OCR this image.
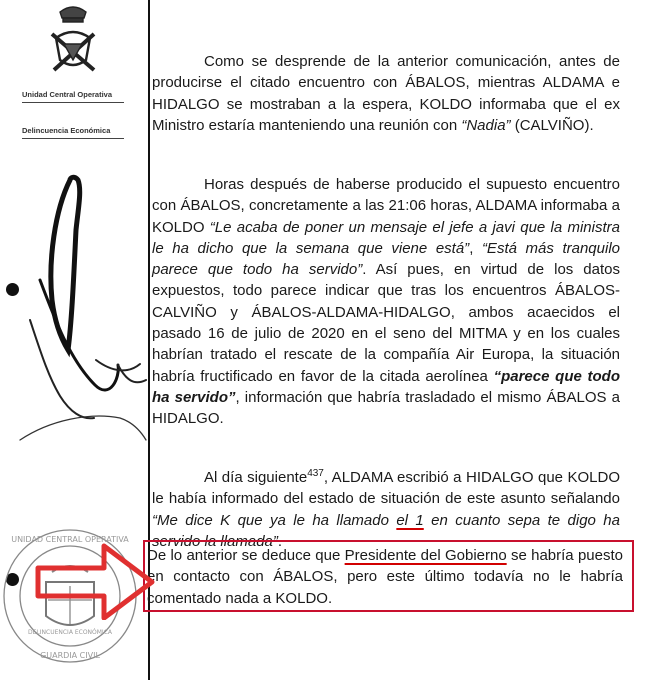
Unidad Central Operativa
Delincuencia Económica
UNIDAD CENTRAL OPERATIVA
GUARDIA CIVIL
DELINCUENCIA ECONÓMICA

Como se desprende de la anterior comunicación, antes de producirse el citado encuentro con ÁBALOS, mientras ALDAMA e HIDALGO se mostraban a la espera, KOLDO informaba que el ex Ministro estaría manteniendo una reunión con “Nadia” (CALVIÑO).

Horas después de haberse producido el supuesto encuentro con ÁBALOS, concretamente a las 21:06 horas, ALDAMA informaba a KOLDO “Le acaba de poner un mensaje el jefe a javi que la ministra le ha dicho que la semana que viene está”, “Está más tranquilo parece que todo ha servido”. Así pues, en virtud de los datos expuestos, todo parece indicar que tras los encuentros ÁBALOS-CALVIÑO y ÁBALOS-ALDAMA-HIDALGO, ambos acaecidos el pasado 16 de julio de 2020 en el seno del MITMA y en los cuales habrían tratado el rescate de la compañía Air Europa, la situación habría fructificado en favor de la citada aerolínea “parece que todo ha servido”, información que habría trasladado el mismo ÁBALOS a HIDALGO.

Al día siguiente$^{437}$, ALDAMA escribió a HIDALGO que KOLDO le había informado del estado de situación de este asunto señalando “Me dice K que ya le ha llamado el 1 en cuanto sepa te digo ha servido la llamada”.

De lo anterior se deduce que Presidente del Gobierno se habría puesto en contacto con ÁBALOS, pero este último todavía no le habría comentado nada a KOLDO.
